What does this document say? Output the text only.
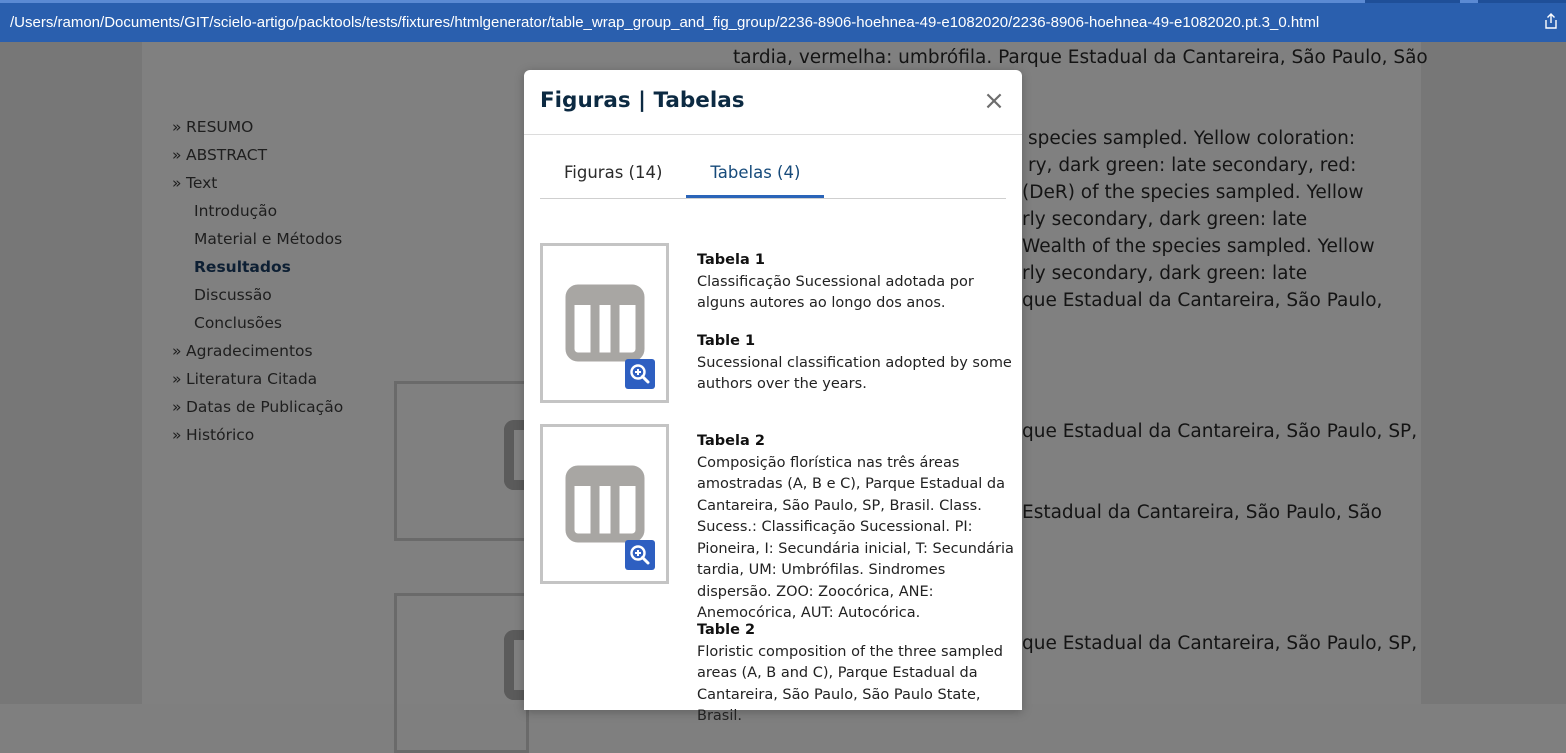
/Users/ramon/Documents/GIT/scielo-artigo/packtools/tests/fixtures/htmlgenerator/table_wrap_group_and_fig_group/2236-8906-hoehnea-49-e1082020/2236-8906-hoehnea-49-e1082020.pt.3_0.html
» RESUMO
» ABSTRACT
» Text
Introdução
Material e Métodos
Resultados
Discussão
Conclusões
» Agradecimentos
» Literatura Citada
» Datas de Publicação
» Histórico
tardia, vermelha: umbrófila. Parque Estadual da Cantareira, São Paulo, São
species sampled. Yellow coloration:
ry, dark green: late secondary, red:
(DeR) of the species sampled. Yellow
rly secondary, dark green: late
Wealth of the species sampled. Yellow
rly secondary, dark green: late
que Estadual da Cantareira, São Paulo,
que Estadual da Cantareira, São Paulo, SP,
Estadual da Cantareira, São Paulo, São
que Estadual da Cantareira, São Paulo, SP,
Figuras | Tabelas	×
Figuras (14)	Tabelas (4)
Tabela 1
Classificação Sucessional adotada por alguns autores ao longo dos anos.
Table 1
Sucessional classification adopted by some authors over the years.
Tabela 2
Composição florística nas três áreas amostradas (A, B e C), Parque Estadual da Cantareira, São Paulo, SP, Brasil. Class. Sucess.: Classificação Sucessional. PI: Pioneira, I: Secundária inicial, T: Secundária tardia, UM: Umbrófilas. Sindromes dispersão. ZOO: Zoocórica, ANE: Anemocórica, AUT: Autocórica.
Table 2
Floristic composition of the three sampled areas (A, B and C), Parque Estadual da Cantareira, São Paulo, São Paulo State, Brasil.
